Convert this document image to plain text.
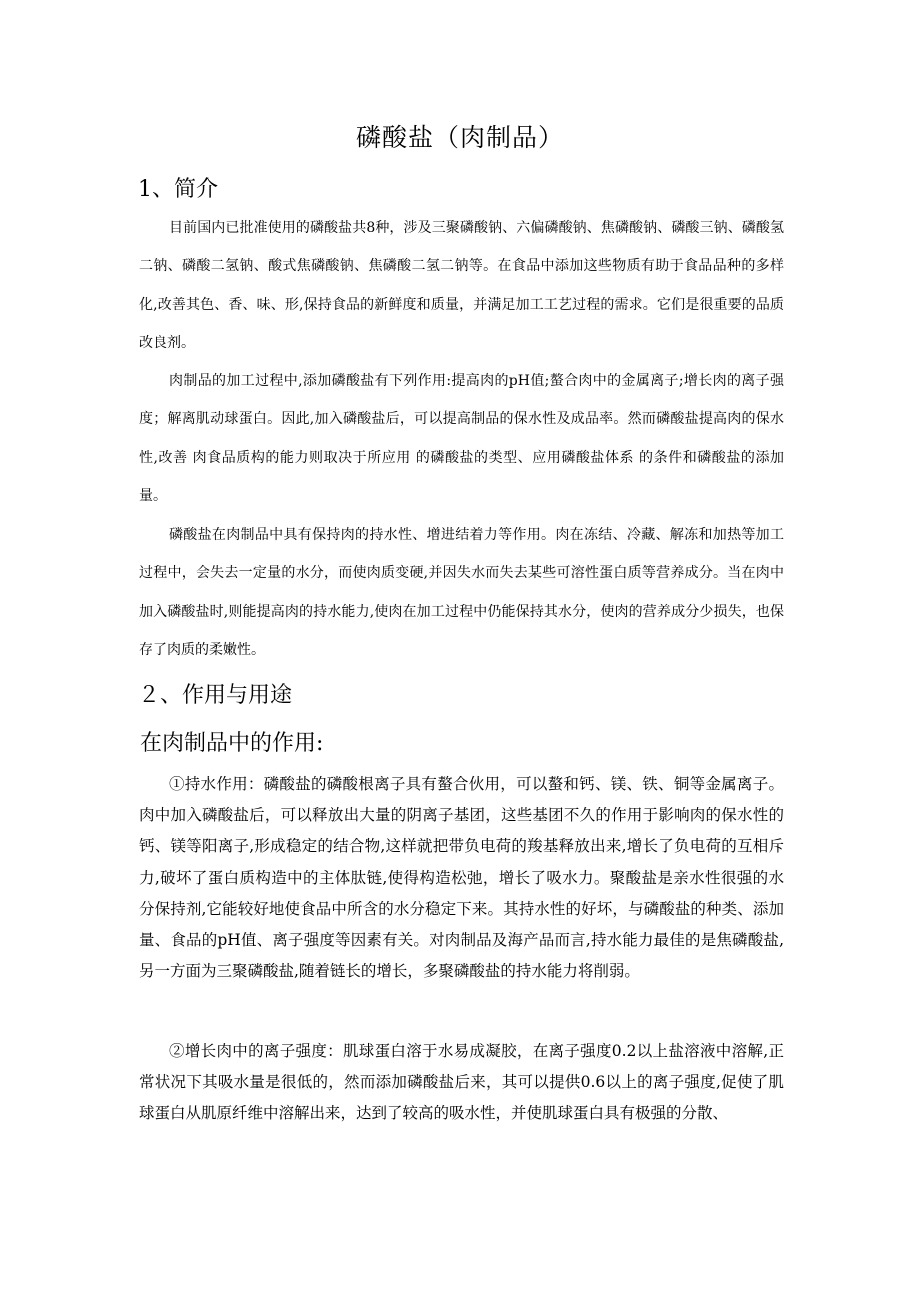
磷酸盐（肉制品）
1、简介

目前国内已批准使用的磷酸盐共8种，涉及三聚磷酸钠、六偏磷酸钠、焦磷酸钠、磷酸三钠、磷酸氢二钠、磷酸二氢钠、酸式焦磷酸钠、焦磷酸二氢二钠等。在食品中添加这些物质有助于食品品种的多样化,改善其色、香、味、形,保持食品的新鲜度和质量，并满足加工工艺过程的需求。它们是很重要的品质改良剂。

肉制品的加工过程中,添加磷酸盐有下列作用:提高肉的pH值;螯合肉中的金属离子;增长肉的离子强度；解离肌动球蛋白。因此,加入磷酸盐后，可以提高制品的保水性及成品率。然而磷酸盐提高肉的保水性,改善 肉食品质构的能力则取决于所应用 的磷酸盐的类型、应用磷酸盐体系 的条件和磷酸盐的添加量。

磷酸盐在肉制品中具有保持肉的持水性、增进结着力等作用。肉在冻结、冷藏、解冻和加热等加工过程中，会失去一定量的水分，而使肉质变硬,并因失水而失去某些可溶性蛋白质等营养成分。当在肉中加入磷酸盐时,则能提高肉的持水能力,使肉在加工过程中仍能保持其水分，使肉的营养成分少损失，也保存了肉质的柔嫩性。

２、作用与用途
在肉制品中的作用:

①持水作用：磷酸盐的磷酸根离子具有螯合伙用，可以螯和钙、镁、铁、铜等金属离子。肉中加入磷酸盐后，可以释放出大量的阴离子基团，这些基团不久的作用于影响肉的保水性的钙、镁等阳离子,形成稳定的结合物,这样就把带负电荷的羧基释放出来,增长了负电荷的互相斥力,破坏了蛋白质构造中的主体肽链,使得构造松弛，增长了吸水力。聚酸盐是亲水性很强的水分保持剂,它能较好地使食品中所含的水分稳定下来。其持水性的好坏，与磷酸盐的种类、添加量、食品的pH值、离子强度等因素有关。对肉制品及海产品而言,持水能力最佳的是焦磷酸盐,另一方面为三聚磷酸盐,随着链长的增长，多聚磷酸盐的持水能力将削弱。

②增长肉中的离子强度：肌球蛋白溶于水易成凝胶，在离子强度0.2以上盐溶液中溶解,正常状况下其吸水量是很低的，然而添加磷酸盐后来，其可以提供0.6以上的离子强度,促使了肌球蛋白从肌原纤维中溶解出来，达到了较高的吸水性，并使肌球蛋白具有极强的分散、
